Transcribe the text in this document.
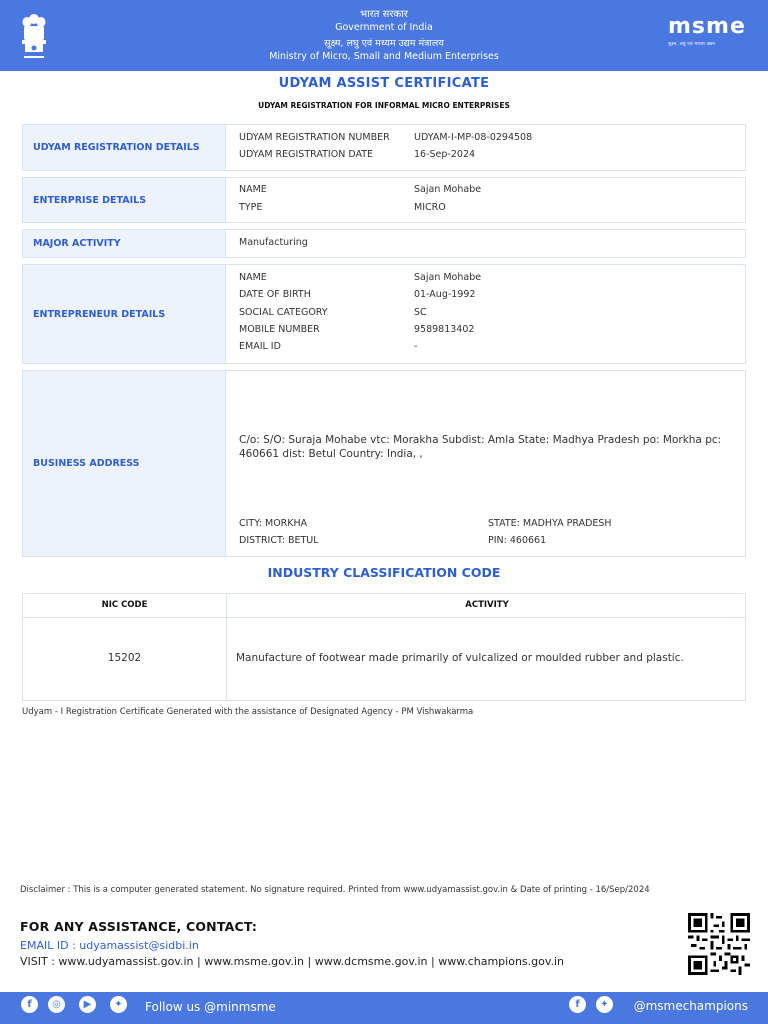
भारत सरकार
Government of India
सूक्ष्म, लघु एवं मध्यम उद्यम मंत्रालय
Ministry of Micro, Small and Medium Enterprises
msme
सूक्ष्म, लघु एवं मध्यम उद्यम
UDYAM ASSIST CERTIFICATE
UDYAM REGISTRATION FOR INFORMAL MICRO ENTERPRISES
UDYAM REGISTRATION DETAILS
UDYAM REGISTRATION NUMBER	UDYAM-I-MP-08-0294508
UDYAM REGISTRATION DATE	16-Sep-2024
ENTERPRISE DETAILS
NAME	Sajan Mohabe
TYPE	MICRO
MAJOR ACTIVITY	Manufacturing
ENTREPRENEUR DETAILS
NAME	Sajan Mohabe
DATE OF BIRTH	01-Aug-1992
SOCIAL CATEGORY	SC
MOBILE NUMBER	9589813402
EMAIL ID	-
BUSINESS ADDRESS
C/o: S/O: Suraja Mohabe vtc: Morakha Subdist: Amla State: Madhya Pradesh po: Morkha pc: 460661 dist: Betul Country: India, ,
CITY: MORKHA	STATE: MADHYA PRADESH
DISTRICT: BETUL	PIN: 460661
INDUSTRY CLASSIFICATION CODE
NIC CODE	ACTIVITY
15202	Manufacture of footwear made primarily of vulcalized or moulded rubber and plastic.
Udyam - I Registration Certificate Generated with the assistance of Designated Agency - PM Vishwakarma
Disclaimer : This is a computer generated statement. No signature required. Printed from www.udyamassist.gov.in & Date of printing - 16/Sep/2024
FOR ANY ASSISTANCE, CONTACT:
EMAIL ID : udyamassist@sidbi.in
VISIT : www.udyamassist.gov.in | www.msme.gov.in | www.dcmsme.gov.in | www.champions.gov.in
f	◎	▶	✦	Follow us @minmsme	f	✦	@msmechampions
